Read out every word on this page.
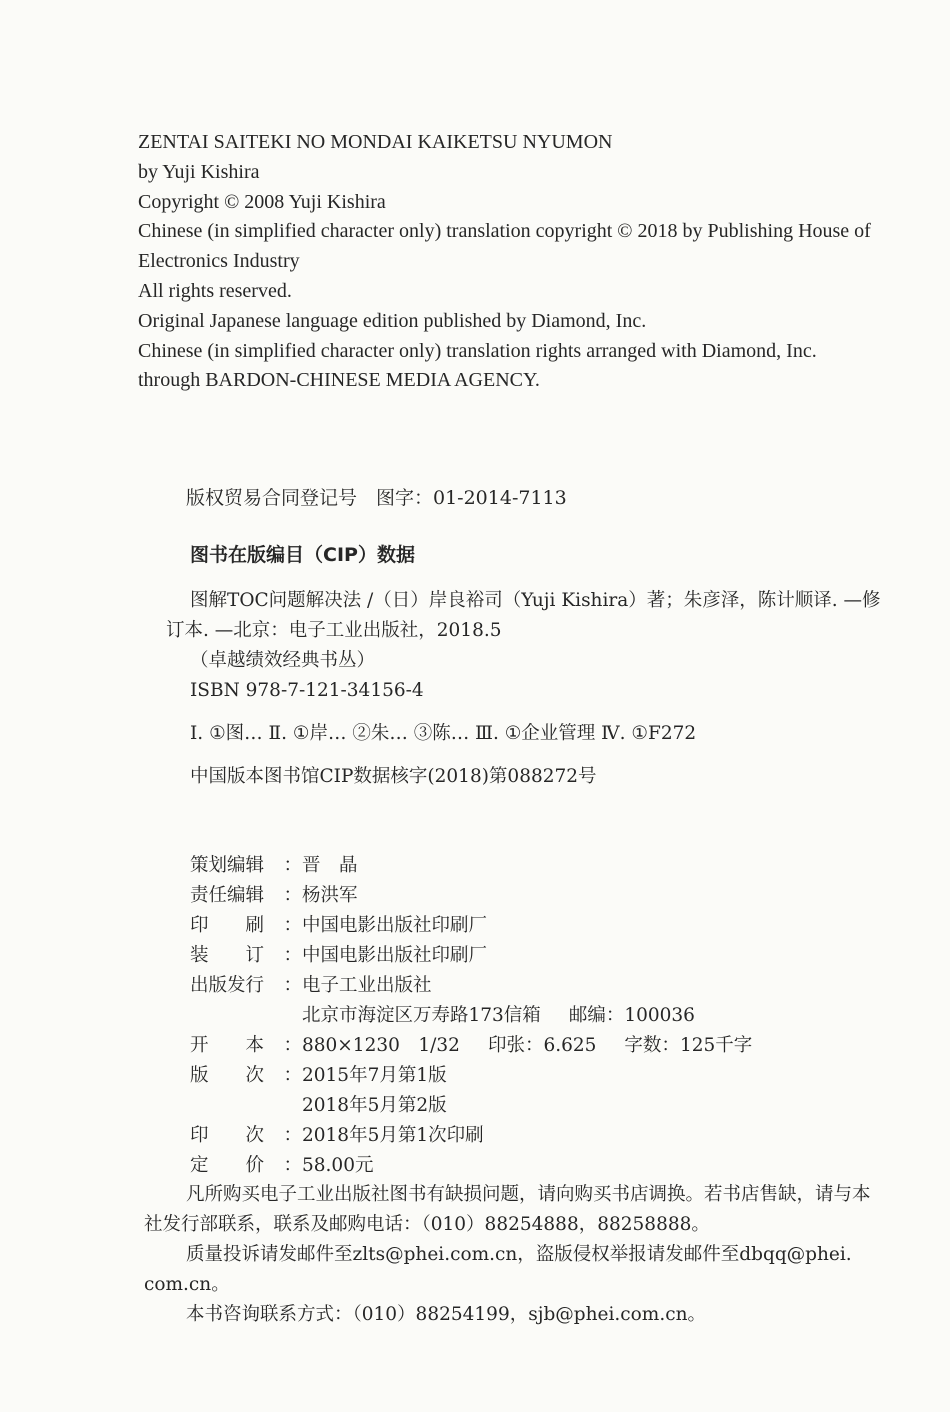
ZENTAI SAITEKI NO MONDAI KAIKETSU NYUMON
by Yuji Kishira
Copyright © 2008 Yuji Kishira
Chinese (in simplified character only) translation copyright © 2018 by Publishing House of Electronics Industry
All rights reserved.
Original Japanese language edition published by Diamond, Inc.
Chinese (in simplified character only) translation rights arranged with Diamond, Inc.
through BARDON-CHINESE MEDIA AGENCY.
版权贸易合同登记号　图字：01-2014-7113
图书在版编目（CIP）数据
图解TOC问题解决法 /（日）岸良裕司（Yuji Kishira）著；朱彦泽，陈计顺译. —修订本. —北京：电子工业出版社，2018.5
（卓越绩效经典书丛）
ISBN 978-7-121-34156-4
Ⅰ. ①图… Ⅱ. ①岸… ②朱… ③陈… Ⅲ. ①企业管理 Ⅳ. ①F272
中国版本图书馆CIP数据核字(2018)第088272号
策划编辑 ： 晋　晶
责任编辑 ： 杨洪军
印　　刷 ： 中国电影出版社印刷厂
装　　订 ： 中国电影出版社印刷厂
出版发行 ： 电子工业出版社
北京市海淀区万寿路173信箱 邮编： 100036
开　　本 ： 880×1230　1/32 印张： 6.625 字数： 125千字
版　　次 ： 2015年7月第1版
2018年5月第2版
印　　次 ： 2018年5月第1次印刷
定　　价 ： 58.00元
凡所购买电子工业出版社图书有缺损问题，请向购买书店调换。若书店售缺，请与本社发行部联系，联系及邮购电话：（010）88254888，88258888。
质量投诉请发邮件至zlts@phei.com.cn，盗版侵权举报请发邮件至dbqq@phei. com.cn。
本书咨询联系方式：（010）88254199，sjb@phei.com.cn。
